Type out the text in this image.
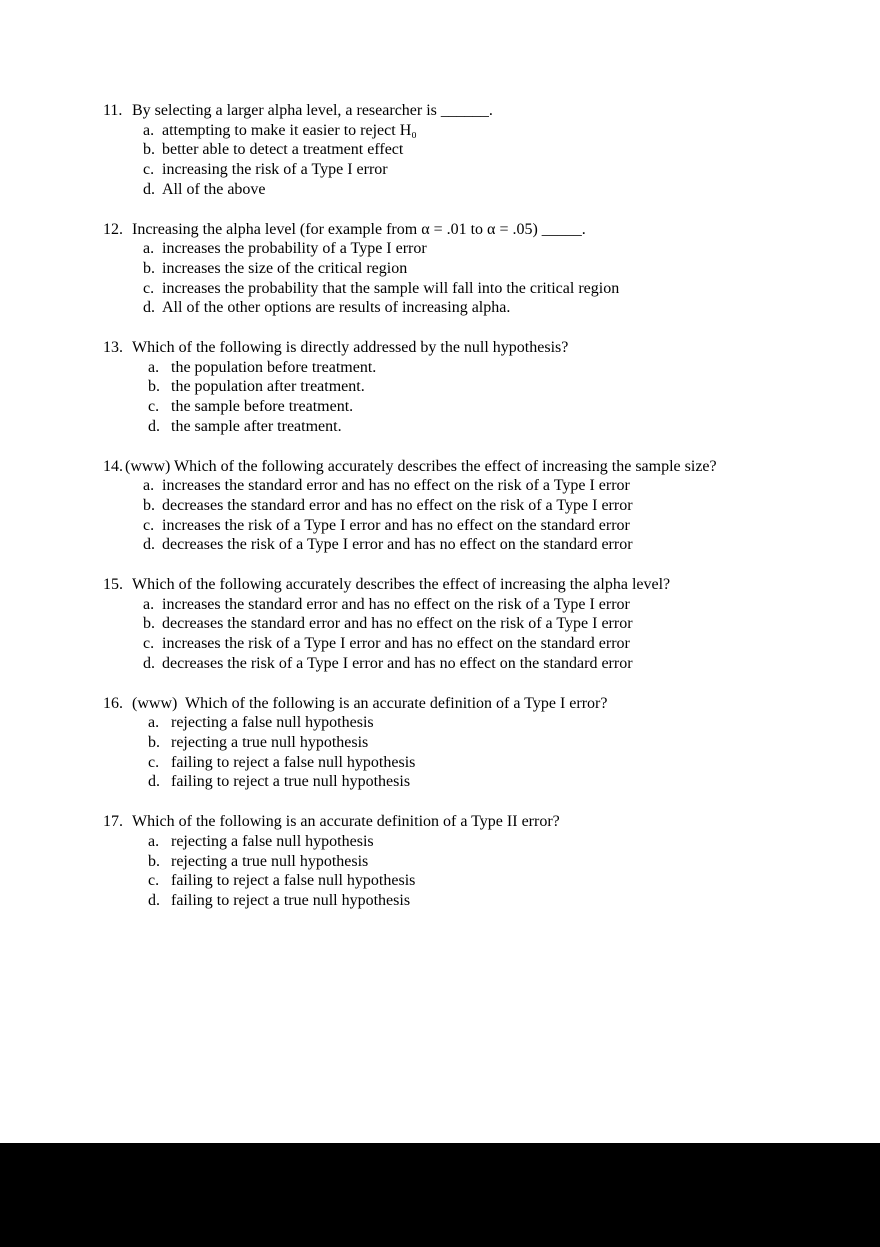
11. By selecting a larger alpha level, a researcher is ______.
a. attempting to make it easier to reject H₀
b. better able to detect a treatment effect
c. increasing the risk of a Type I error
d. All of the above
12. Increasing the alpha level (for example from α = .01 to α = .05) _____.
a. increases the probability of a Type I error
b. increases the size of the critical region
c. increases the probability that the sample will fall into the critical region
d. All of the other options are results of increasing alpha.
13. Which of the following is directly addressed by the null hypothesis?
a. the population before treatment.
b. the population after treatment.
c. the sample before treatment.
d. the sample after treatment.
14. (www) Which of the following accurately describes the effect of increasing the sample size?
a. increases the standard error and has no effect on the risk of a Type I error
b. decreases the standard error and has no effect on the risk of a Type I error
c. increases the risk of a Type I error and has no effect on the standard error
d. decreases the risk of a Type I error and has no effect on the standard error
15. Which of the following accurately describes the effect of increasing the alpha level?
a. increases the standard error and has no effect on the risk of a Type I error
b. decreases the standard error and has no effect on the risk of a Type I error
c. increases the risk of a Type I error and has no effect on the standard error
d. decreases the risk of a Type I error and has no effect on the standard error
16. (www)  Which of the following is an accurate definition of a Type I error?
a. rejecting a false null hypothesis
b. rejecting a true null hypothesis
c. failing to reject a false null hypothesis
d. failing to reject a true null hypothesis
17. Which of the following is an accurate definition of a Type II error?
a. rejecting a false null hypothesis
b. rejecting a true null hypothesis
c. failing to reject a false null hypothesis
d. failing to reject a true null hypothesis
